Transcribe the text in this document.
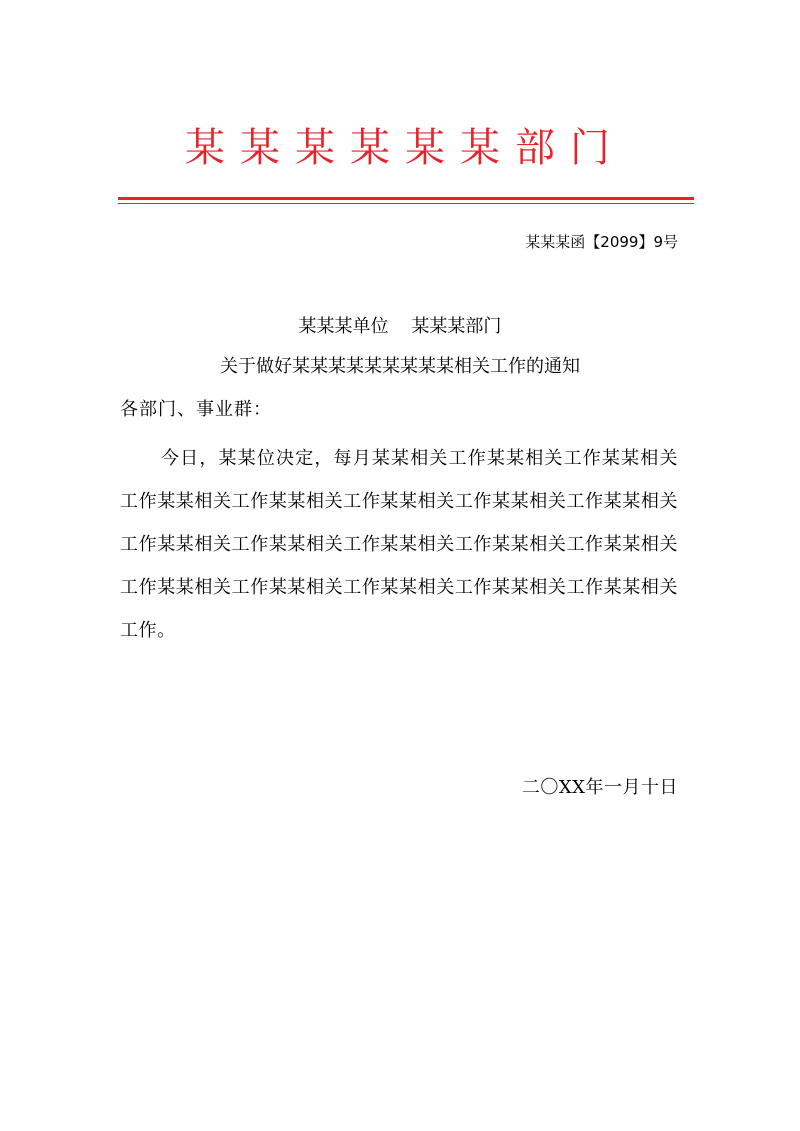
某某某某某某部门
某某某函【2099】9号
某某某单位    某某某部门
关于做好某某某某某某某某某相关工作的通知
各部门、事业群：
今日，某某位决定，每月某某相关工作某某相关工作某某相关工作某某相关工作某某相关工作某某相关工作某某相关工作某某相关工作某某相关工作某某相关工作某某相关工作某某相关工作某某相关工作某某相关工作某某相关工作某某相关工作某某相关工作某某相关工作。
二〇XX年一月十日
